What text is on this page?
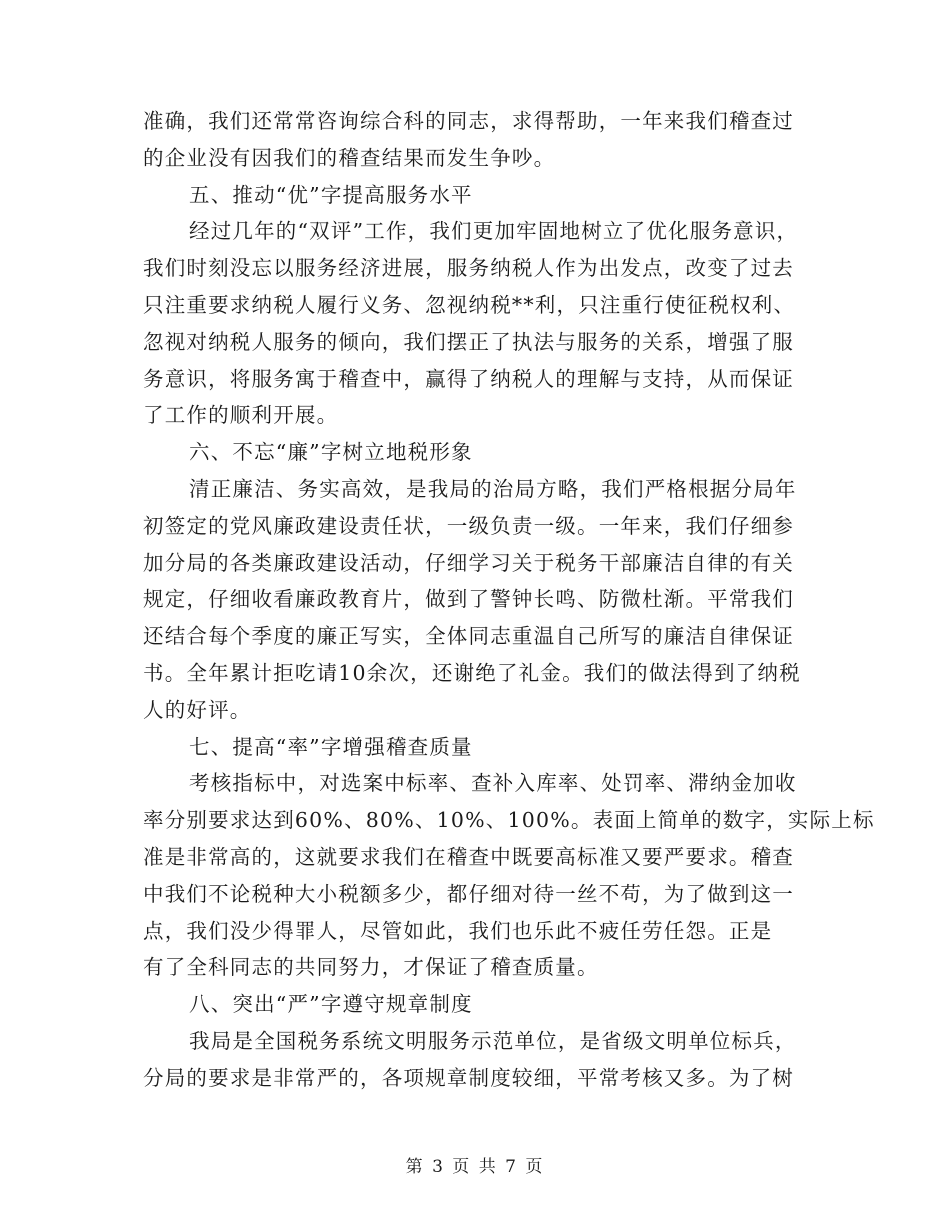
准确，我们还常常咨询综合科的同志，求得帮助，一年来我们稽查过
的企业没有因我们的稽查结果而发生争吵。
五、推动“优”字提高服务水平
经过几年的“双评”工作，我们更加牢固地树立了优化服务意识，
我们时刻没忘以服务经济进展，服务纳税人作为出发点，改变了过去
只注重要求纳税人履行义务、忽视纳税**利，只注重行使征税权利、
忽视对纳税人服务的倾向，我们摆正了执法与服务的关系，增强了服
务意识，将服务寓于稽查中，赢得了纳税人的理解与支持，从而保证
了工作的顺利开展。
六、不忘“廉”字树立地税形象
清正廉洁、务实高效，是我局的治局方略，我们严格根据分局年
初签定的党风廉政建设责任状，一级负责一级。一年来，我们仔细参
加分局的各类廉政建设活动，仔细学习关于税务干部廉洁自律的有关
规定，仔细收看廉政教育片，做到了警钟长鸣、防微杜渐。平常我们
还结合每个季度的廉正写实，全体同志重温自己所写的廉洁自律保证
书。全年累计拒吃请10余次，还谢绝了礼金。我们的做法得到了纳税
人的好评。
七、提高“率”字增强稽查质量
考核指标中，对选案中标率、查补入库率、处罚率、滞纳金加收
率分别要求达到60%、80%、10%、100%。表面上简单的数字，实际上标
准是非常高的，这就要求我们在稽查中既要高标准又要严要求。稽查
中我们不论税种大小税额多少，都仔细对待一丝不苟，为了做到这一
点，我们没少得罪人，尽管如此，我们也乐此不疲任劳任怨。正是
有了全科同志的共同努力，才保证了稽查质量。
八、突出“严”字遵守规章制度
我局是全国税务系统文明服务示范单位，是省级文明单位标兵，
分局的要求是非常严的，各项规章制度较细，平常考核又多。为了树
第 3 页 共 7 页
